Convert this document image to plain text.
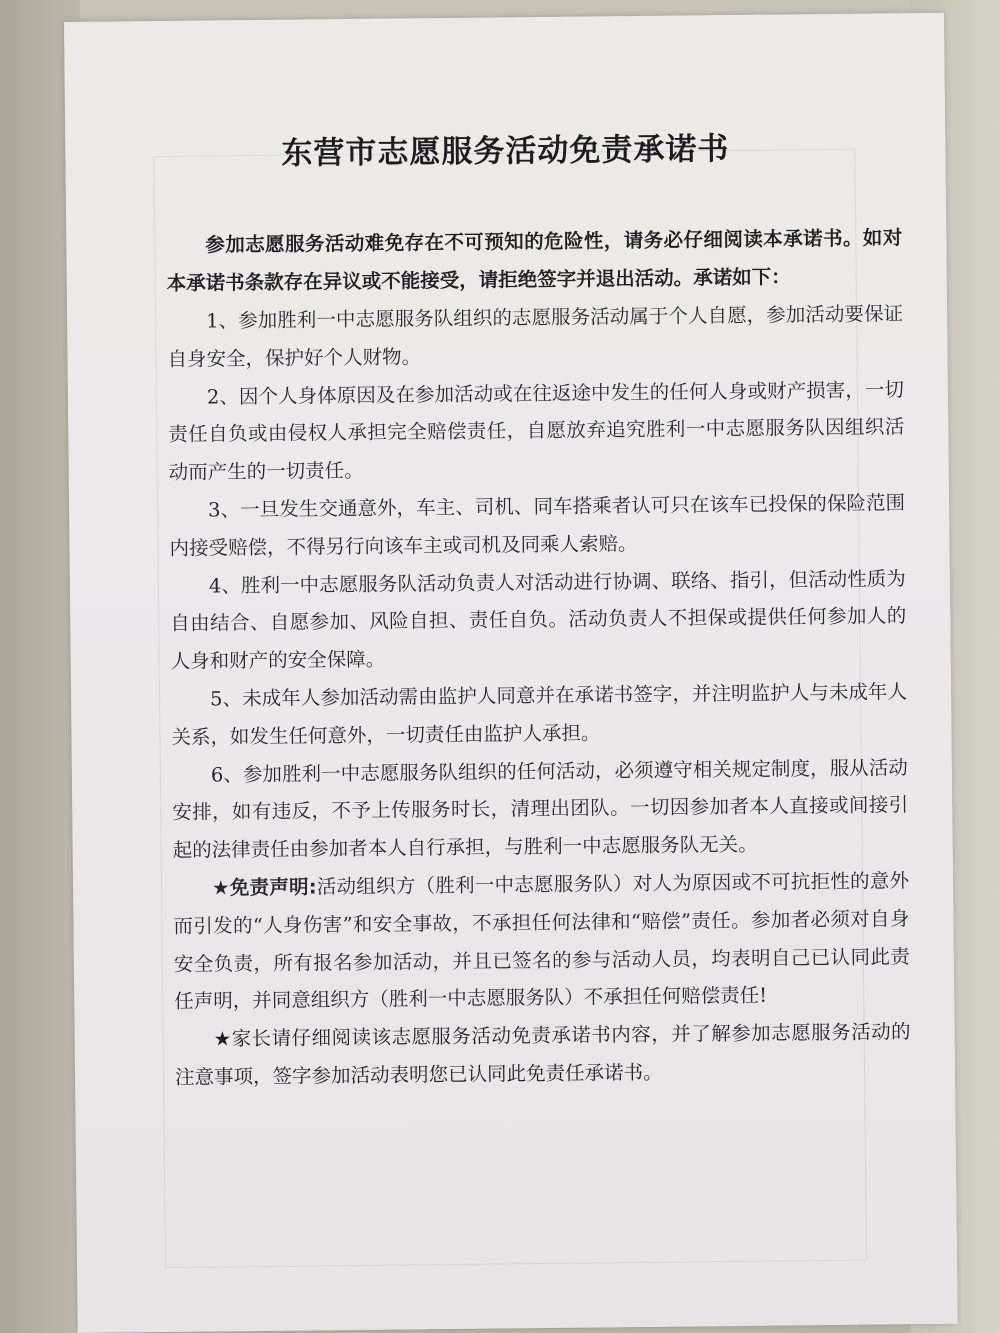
东营市志愿服务活动免责承诺书

参加志愿服务活动难免存在不可预知的危险性，请务必仔细阅读本承诺书。如对本承诺书条款存在异议或不能接受，请拒绝签字并退出活动。承诺如下：

1、参加胜利一中志愿服务队组织的志愿服务活动属于个人自愿，参加活动要保证自身安全，保护好个人财物。

2、因个人身体原因及在参加活动或在往返途中发生的任何人身或财产损害，一切责任自负或由侵权人承担完全赔偿责任，自愿放弃追究胜利一中志愿服务队因组织活动而产生的一切责任。

3、一旦发生交通意外，车主、司机、同车搭乘者认可只在该车已投保的保险范围内接受赔偿，不得另行向该车主或司机及同乘人索赔。

4、胜利一中志愿服务队活动负责人对活动进行协调、联络、指引，但活动性质为自由结合、自愿参加、风险自担、责任自负。活动负责人不担保或提供任何参加人的人身和财产的安全保障。

5、未成年人参加活动需由监护人同意并在承诺书签字，并注明监护人与未成年人关系，如发生任何意外，一切责任由监护人承担。

6、参加胜利一中志愿服务队组织的任何活动，必须遵守相关规定制度，服从活动安排，如有违反，不予上传服务时长，清理出团队。一切因参加者本人直接或间接引起的法律责任由参加者本人自行承担，与胜利一中志愿服务队无关。

★免责声明:活动组织方（胜利一中志愿服务队）对人为原因或不可抗拒性的意外而引发的“人身伤害”和安全事故，不承担任何法律和“赔偿”责任。参加者必须对自身安全负责，所有报名参加活动，并且已签名的参与活动人员，均表明自己已认同此责任声明，并同意组织方（胜利一中志愿服务队）不承担任何赔偿责任!

★家长请仔细阅读该志愿服务活动免责承诺书内容，并了解参加志愿服务活动的注意事项，签字参加活动表明您已认同此免责任承诺书。
